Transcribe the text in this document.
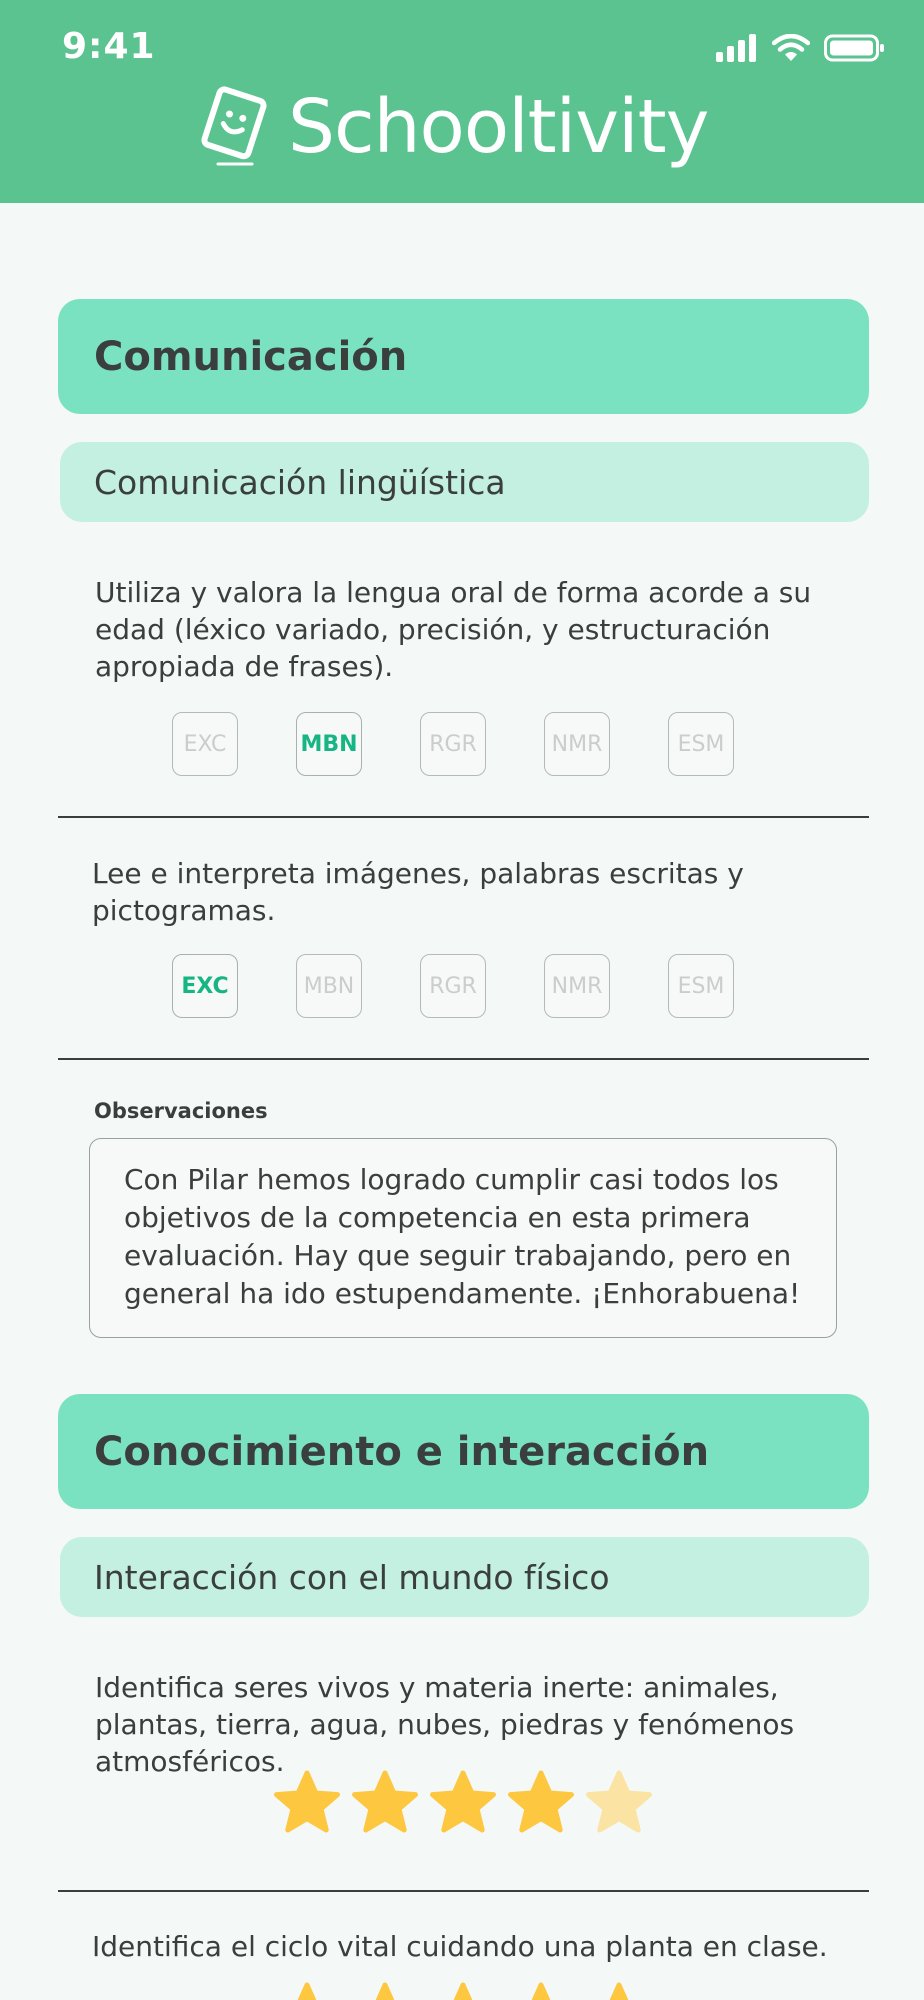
9:41
Schooltivity
Comunicación
Comunicación lingüística
Utiliza y valora la lengua oral de forma acorde a su edad (léxico variado, precisión, y estructuración apropiada de frases).
EXC	MBN	RGR	NMR	ESM
Lee e interpreta imágenes, palabras escritas y pictogramas.
EXC	MBN	RGR	NMR	ESM
Observaciones
Con Pilar hemos logrado cumplir casi todos los objetivos de la competencia en esta primera evaluación. Hay que seguir trabajando, pero en general ha ido estupendamente. ¡Enhorabuena!
Conocimiento e interacción
Interacción con el mundo físico
Identifica seres vivos y materia inerte: animales, plantas, tierra, agua, nubes, piedras y fenómenos atmosféricos.
Identifica el ciclo vital cuidando una planta en clase.
